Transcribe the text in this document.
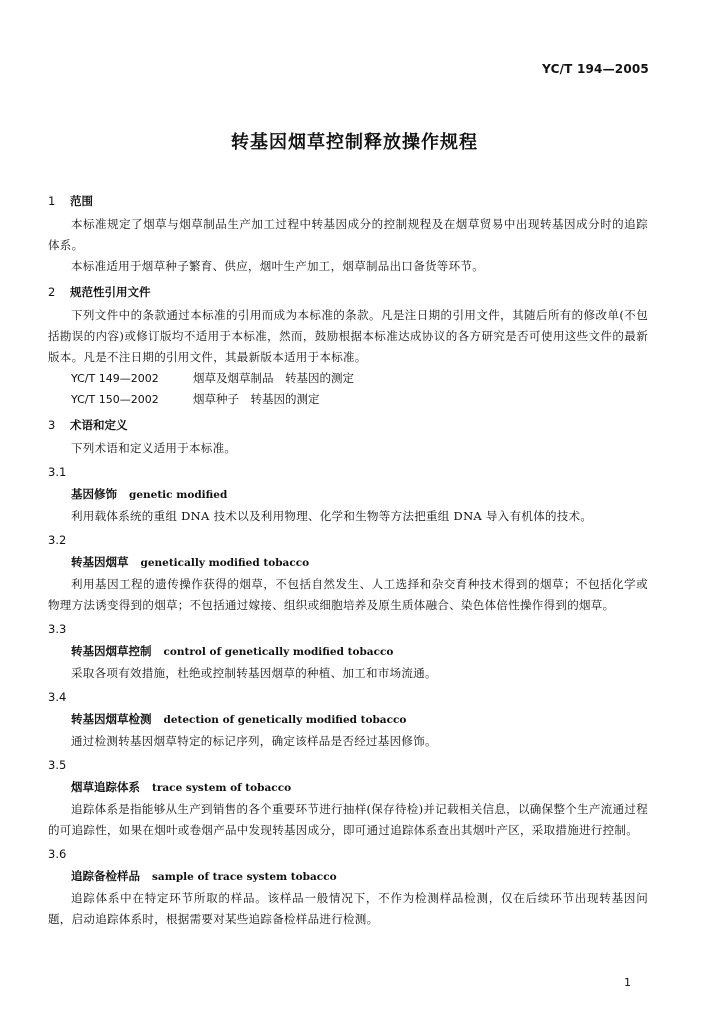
YC/T 194—2005
转基因烟草控制释放操作规程
1 范围

本标准规定了烟草与烟草制品生产加工过程中转基因成分的控制规程及在烟草贸易中出现转基因成分时的追踪体系。

本标准适用于烟草种子繁育、供应，烟叶生产加工，烟草制品出口备货等环节。

2 规范性引用文件

下列文件中的条款通过本标准的引用而成为本标准的条款。凡是注日期的引用文件，其随后所有的修改单(不包括勘误的内容)或修订版均不适用于本标准，然而，鼓励根据本标准达成协议的各方研究是否可使用这些文件的最新版本。凡是不注日期的引用文件，其最新版本适用于本标准。

YC/T 149—2002	烟草及烟草制品　转基因的测定
YC/T 150—2002	烟草种子　转基因的测定
3 术语和定义

下列术语和定义适用于本标准。

3.1
基因修饰 genetic modified

利用载体系统的重组 DNA 技术以及利用物理、化学和生物等方法把重组 DNA 导入有机体的技术。

3.2
转基因烟草 genetically modified tobacco

利用基因工程的遗传操作获得的烟草，不包括自然发生、人工选择和杂交育种技术得到的烟草；不包括化学或物理方法诱变得到的烟草；不包括通过嫁接、组织或细胞培养及原生质体融合、染色体倍性操作得到的烟草。

3.3
转基因烟草控制 control of genetically modified tobacco

采取各项有效措施，杜绝或控制转基因烟草的种植、加工和市场流通。

3.4
转基因烟草检测 detection of genetically modified tobacco

通过检测转基因烟草特定的标记序列，确定该样品是否经过基因修饰。

3.5
烟草追踪体系 trace system of tobacco

追踪体系是指能够从生产到销售的各个重要环节进行抽样(保存待检)并记载相关信息，以确保整个生产流通过程的可追踪性，如果在烟叶或卷烟产品中发现转基因成分，即可通过追踪体系查出其烟叶产区，采取措施进行控制。

3.6
追踪备检样品 sample of trace system tobacco

追踪体系中在特定环节所取的样品。该样品一般情况下，不作为检测样品检测，仅在后续环节出现转基因问题，启动追踪体系时，根据需要对某些追踪备检样品进行检测。

1
